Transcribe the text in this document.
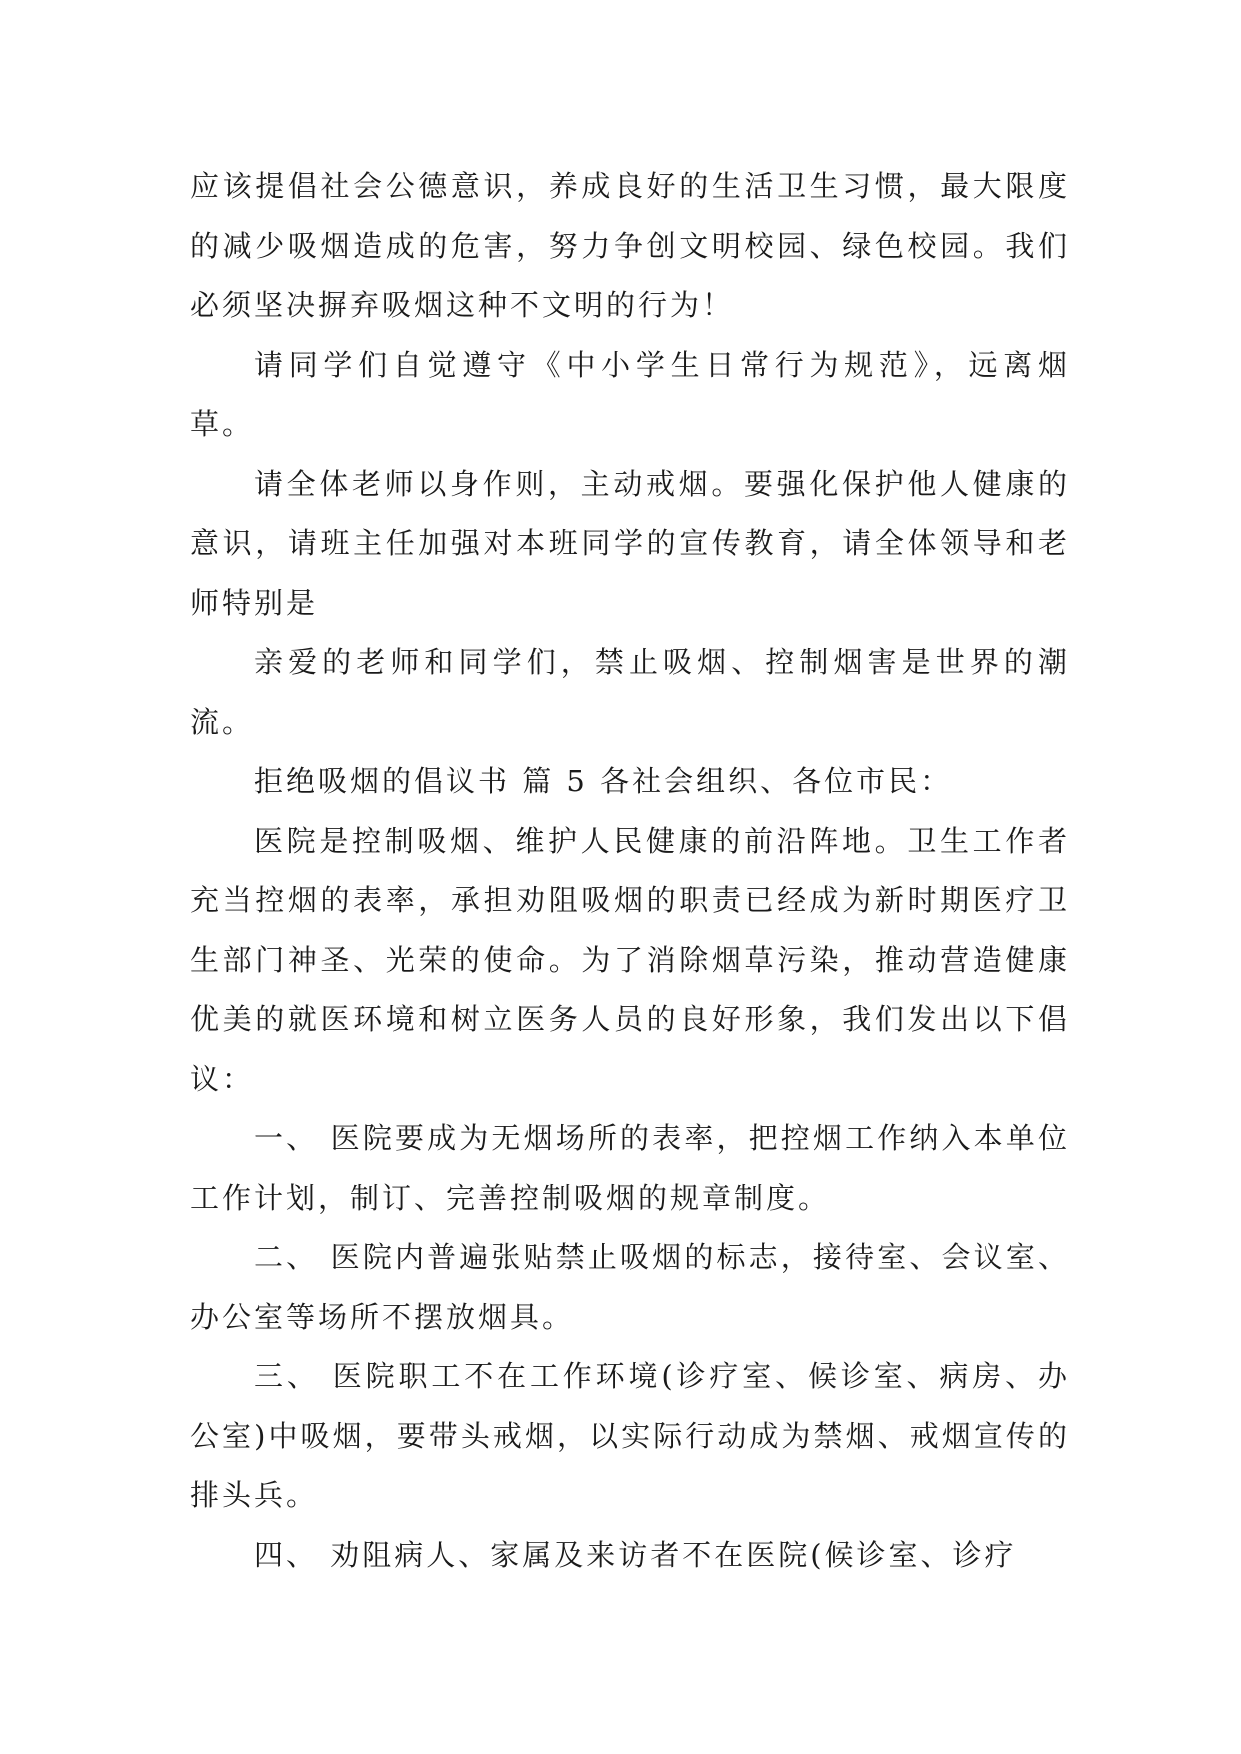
应该提倡社会公德意识，养成良好的生活卫生习惯，最大限度的减少吸烟造成的危害，努力争创文明校园、绿色校园。我们必须坚决摒弃吸烟这种不文明的行为！

请同学们自觉遵守《中小学生日常行为规范》，远离烟草。

请全体老师以身作则，主动戒烟。要强化保护他人健康的意识，请班主任加强对本班同学的宣传教育，请全体领导和老师特别是

亲爱的老师和同学们，禁止吸烟、控制烟害是世界的潮流。

拒绝吸烟的倡议书 篇 5 各社会组织、各位市民：

医院是控制吸烟、维护人民健康的前沿阵地。卫生工作者充当控烟的表率，承担劝阻吸烟的职责已经成为新时期医疗卫生部门神圣、光荣的使命。为了消除烟草污染，推动营造健康优美的就医环境和树立医务人员的良好形象，我们发出以下倡议：

一、 医院要成为无烟场所的表率，把控烟工作纳入本单位工作计划，制订、完善控制吸烟的规章制度。

二、 医院内普遍张贴禁止吸烟的标志，接待室、会议室、办公室等场所不摆放烟具。

三、 医院职工不在工作环境(诊疗室、候诊室、病房、办公室)中吸烟，要带头戒烟，以实际行动成为禁烟、戒烟宣传的排头兵。

四、 劝阻病人、家属及来访者不在医院(候诊室、诊疗
